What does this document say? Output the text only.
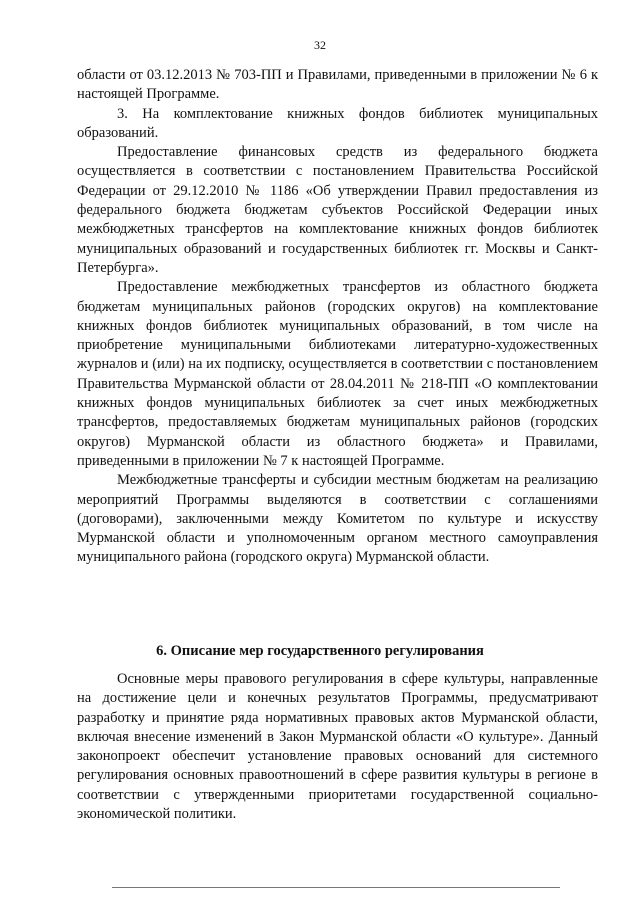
32

области от 03.12.2013 № 703-ПП и Правилами, приведенными в приложении № 6 к настоящей Программе.

3. На комплектование книжных фондов библиотек муниципальных образований.

Предоставление финансовых средств из федерального бюджета осуществляется в соответствии с постановлением Правительства Российской Федерации от 29.12.2010 № 1186 «Об утверждении Правил предоставления из федерального бюджета бюджетам субъектов Российской Федерации иных межбюджетных трансфертов на комплектование книжных фондов библиотек муниципальных образований и государственных библиотек гг. Москвы и Санкт-Петербурга».

Предоставление межбюджетных трансфертов из областного бюджета бюджетам муниципальных районов (городских округов) на комплектование книжных фондов библиотек муниципальных образований, в том числе на приобретение муниципальными библиотеками литературно-художественных журналов и (или) на их подписку, осуществляется в соответствии с постановлением Правительства Мурманской области от 28.04.2011 № 218-ПП «О комплектовании книжных фондов муниципальных библиотек за счет иных межбюджетных трансфертов, предоставляемых бюджетам муниципальных районов (городских округов) Мурманской области из областного бюджета» и Правилами, приведенными в приложении № 7 к настоящей Программе.

Межбюджетные трансферты и субсидии местным бюджетам на реализацию мероприятий Программы выделяются в соответствии с соглашениями (договорами), заключенными между Комитетом по культуре и искусству Мурманской области и уполномоченным органом местного самоуправления муниципального района (городского округа) Мурманской области.

6. Описание мер государственного регулирования

Основные меры правового регулирования в сфере культуры, направленные на достижение цели и конечных результатов Программы, предусматривают разработку и принятие ряда нормативных правовых актов Мурманской области, включая внесение изменений в Закон Мурманской области «О культуре». Данный законопроект обеспечит установление правовых оснований для системного регулирования основных правоотношений в сфере развития культуры в регионе в соответствии с утвержденными приоритетами государственной социально-экономической политики.
